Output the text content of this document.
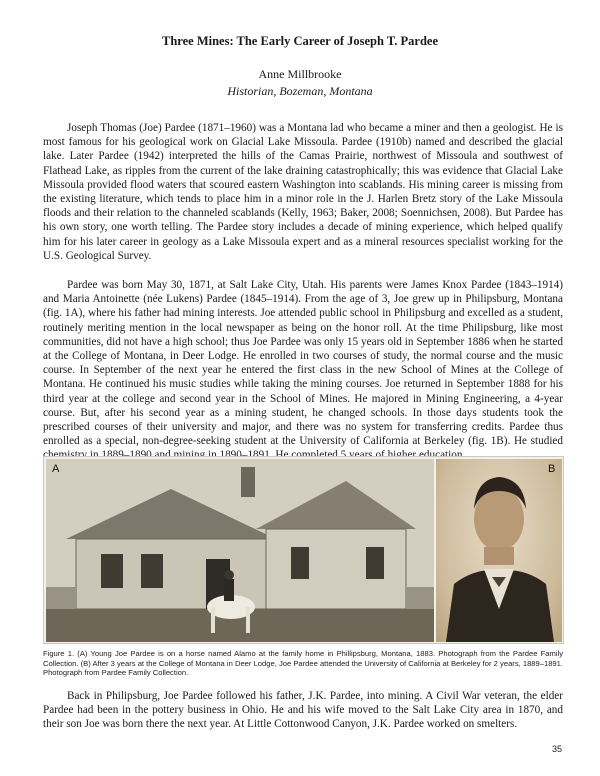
Three Mines: The Early Career of Joseph T. Pardee
Anne Millbrooke
Historian, Bozeman, Montana

Joseph Thomas (Joe) Pardee (1871–1960) was a Montana lad who became a miner and then a geologist. He is most famous for his geological work on Glacial Lake Missoula. Pardee (1910b) named and described the glacial lake. Later Pardee (1942) interpreted the hills of the Camas Prairie, northwest of Missoula and southwest of Flathead Lake, as ripples from the current of the lake draining catastrophically; this was evidence that Glacial Lake Missoula provided flood waters that scoured eastern Washington into scablands. His mining career is missing from the existing literature, which tends to place him in a minor role in the J. Harlen Bretz story of the Lake Missoula floods and their relation to the channeled scablands (Kelly, 1963; Baker, 2008; Soennichsen, 2008). But Pardee has his own story, one worth telling. The Pardee story includes a decade of mining experience, which helped qualify him for his later career in geology as a Lake Missoula expert and as a mineral resources specialist working for the U.S. Geological Survey.

Pardee was born May 30, 1871, at Salt Lake City, Utah. His parents were James Knox Pardee (1843–1914) and Maria Antoinette (née Lukens) Pardee (1845–1914). From the age of 3, Joe grew up in Philipsburg, Montana (fig. 1A), where his father had mining interests. Joe attended public school in Philipsburg and excelled as a student, routinely meriting mention in the local newspaper as being on the honor roll. At the time Philipsburg, like most communities, did not have a high school; thus Joe Pardee was only 15 years old in September 1886 when he started at the College of Montana, in Deer Lodge. He enrolled in two courses of study, the normal course and the music course. In September of the next year he entered the first class in the new School of Mines at the College of Montana. He continued his music studies while taking the mining courses. Joe returned in September 1888 for his third year at the college and second year in the School of Mines. He majored in Mining Engineering, a 4-year course. But, after his second year as a mining student, he changed schools. In those days students took the prescribed courses of their university and major, and there was no system for transferring credits. Pardee thus enrolled as a special, non-degree-seeking student at the University of California at Berkeley (fig. 1B). He studied

A	B
Figure 1. (A) Young Joe Pardee is on a horse named Alamo at the family home in Phillipsburg, Montana, 1883. Photograph from the Pardee Family Collection. (B) After 3 years at the College of Montana in Deer Lodge, Joe Pardee attended the University of California at Berkeley for 2 years, 1889–1891. Photograph from Pardee Family Collection.

Back in Philipsburg, Joe Pardee followed his father, J.K. Pardee, into mining. A Civil War veteran, the elder Pardee had been in the pottery business in Ohio. He and his wife moved to the Salt Lake City area in 1870, and their son Joe was born there the next year. At Little Cottonwood Canyon, J.K. Pardee worked on smelters.

35
